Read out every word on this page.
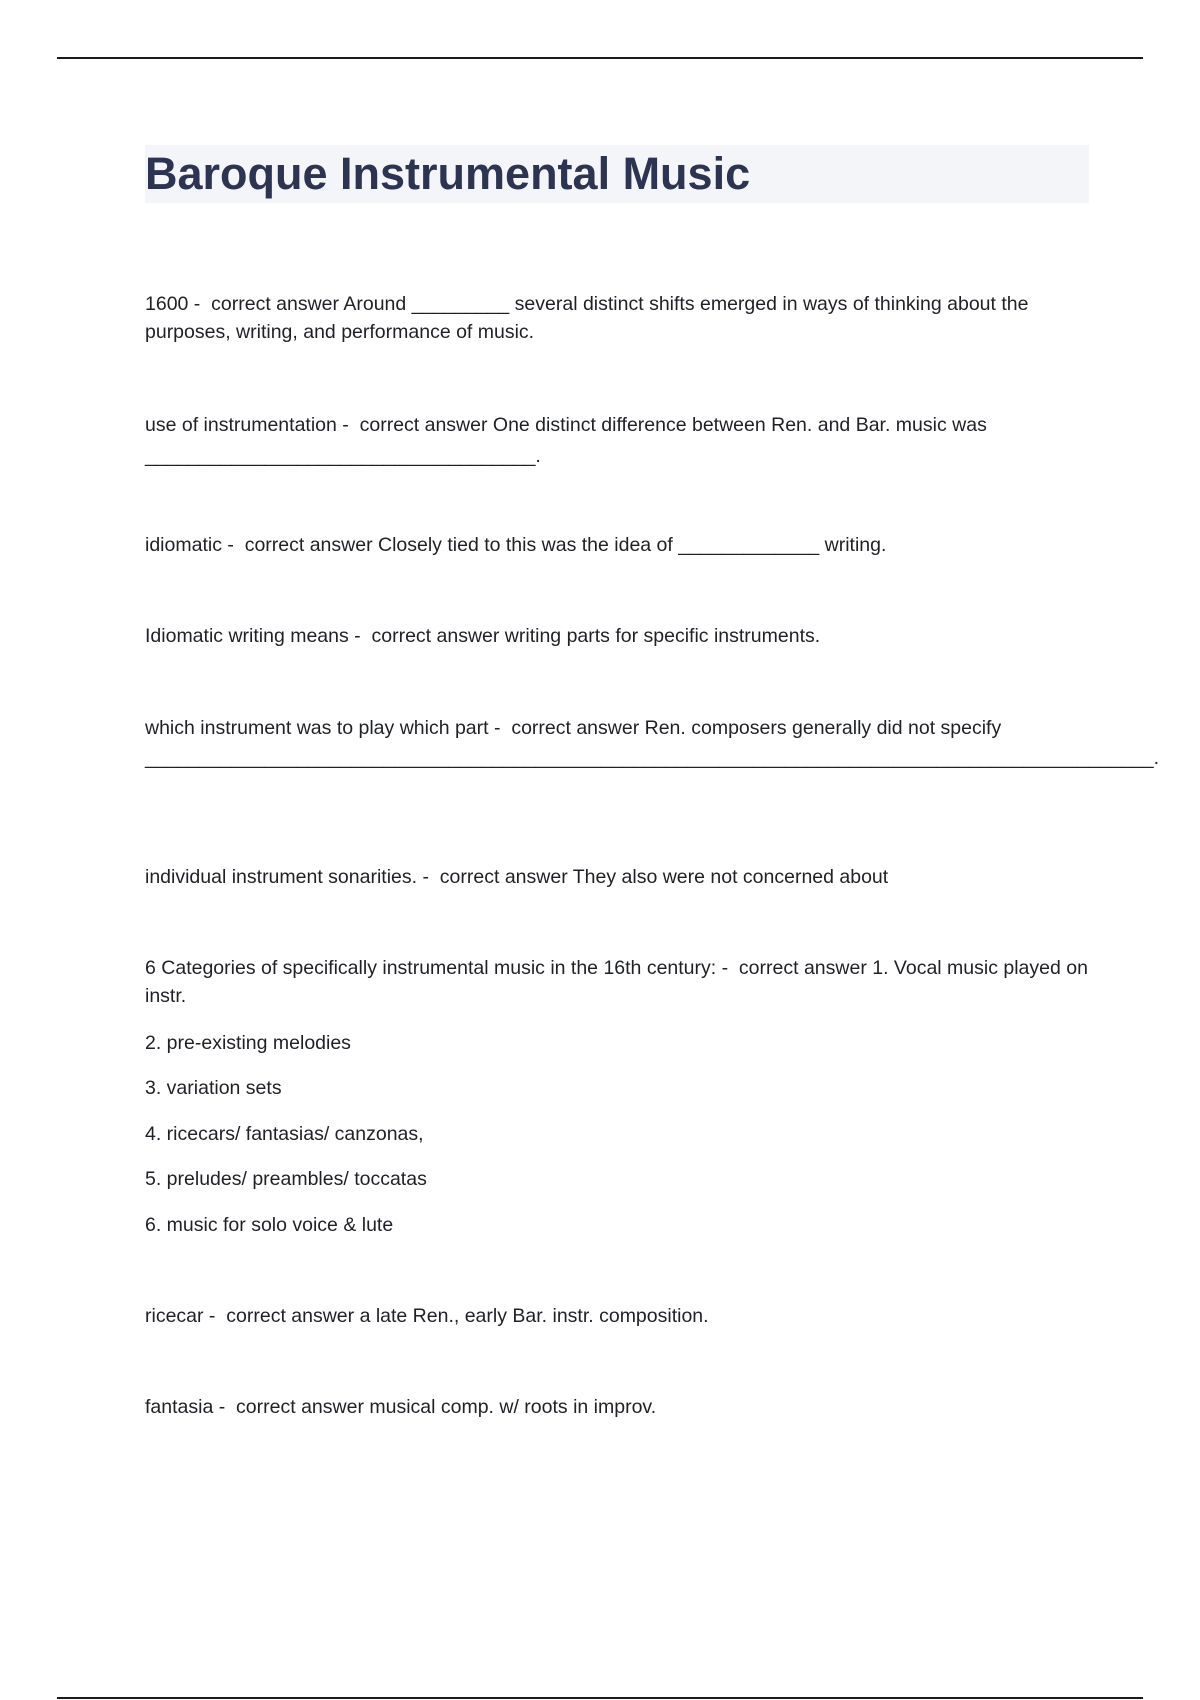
Baroque Instrumental Music

1600 -  correct answer Around _________ several distinct shifts emerged in ways of thinking about the purposes, writing, and performance of music.

use of instrumentation -  correct answer One distinct difference between Ren. and Bar. music was ____________________________________.

idiomatic -  correct answer Closely tied to this was the idea of _____________ writing.

Idiomatic writing means -  correct answer writing parts for specific instruments.

which instrument was to play which part -  correct answer Ren. composers generally did not specify _____________________________________________________________________________________________.

individual instrument sonarities. -  correct answer They also were not concerned about

6 Categories of specifically instrumental music in the 16th century: -  correct answer 1. Vocal music played on instr.

2. pre-existing melodies
3. variation sets
4. ricecars/ fantasias/ canzonas,
5. preludes/ preambles/ toccatas
6. music for solo voice & lute

ricecar -  correct answer a late Ren., early Bar. instr. composition.

fantasia -  correct answer musical comp. w/ roots in improv.
